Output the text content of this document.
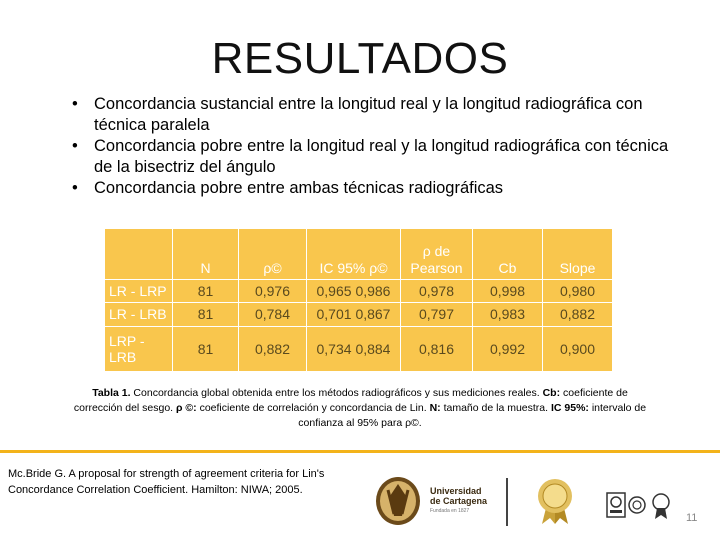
RESULTADOS
• Concordancia sustancial entre la longitud real y la longitud radiográfica con técnica paralela
• Concordancia pobre entre la longitud real y la longitud radiográfica con técnica de la bisectriz del ángulo
• Concordancia pobre entre ambas técnicas radiográficas
	N	ρ©	IC 95% ρ©	ρ de Pearson	Cb	Slope
LR - LRP	81	0,976	0,965 0,986	0,978	0,998	0,980
LR - LRB	81	0,784	0,701 0,867	0,797	0,983	0,882
LRP - LRB	81	0,882	0,734 0,884	0,816	0,992	0,900
Tabla 1. Concordancia global obtenida entre los métodos radiográficos y sus mediciones reales. Cb: coeficiente de corrección del sesgo. ρ ©: coeficiente de correlación y concordancia de Lin. N: tamaño de la muestra. IC 95%: intervalo de confianza al 95% para ρ©.
Mc.Bride G. A proposal for strength of agreement criteria for Lin's Concordance Correlation Coefficient. Hamilton: NIWA; 2005.	Universidad
de Cartagena
Fundada en 1827
11
